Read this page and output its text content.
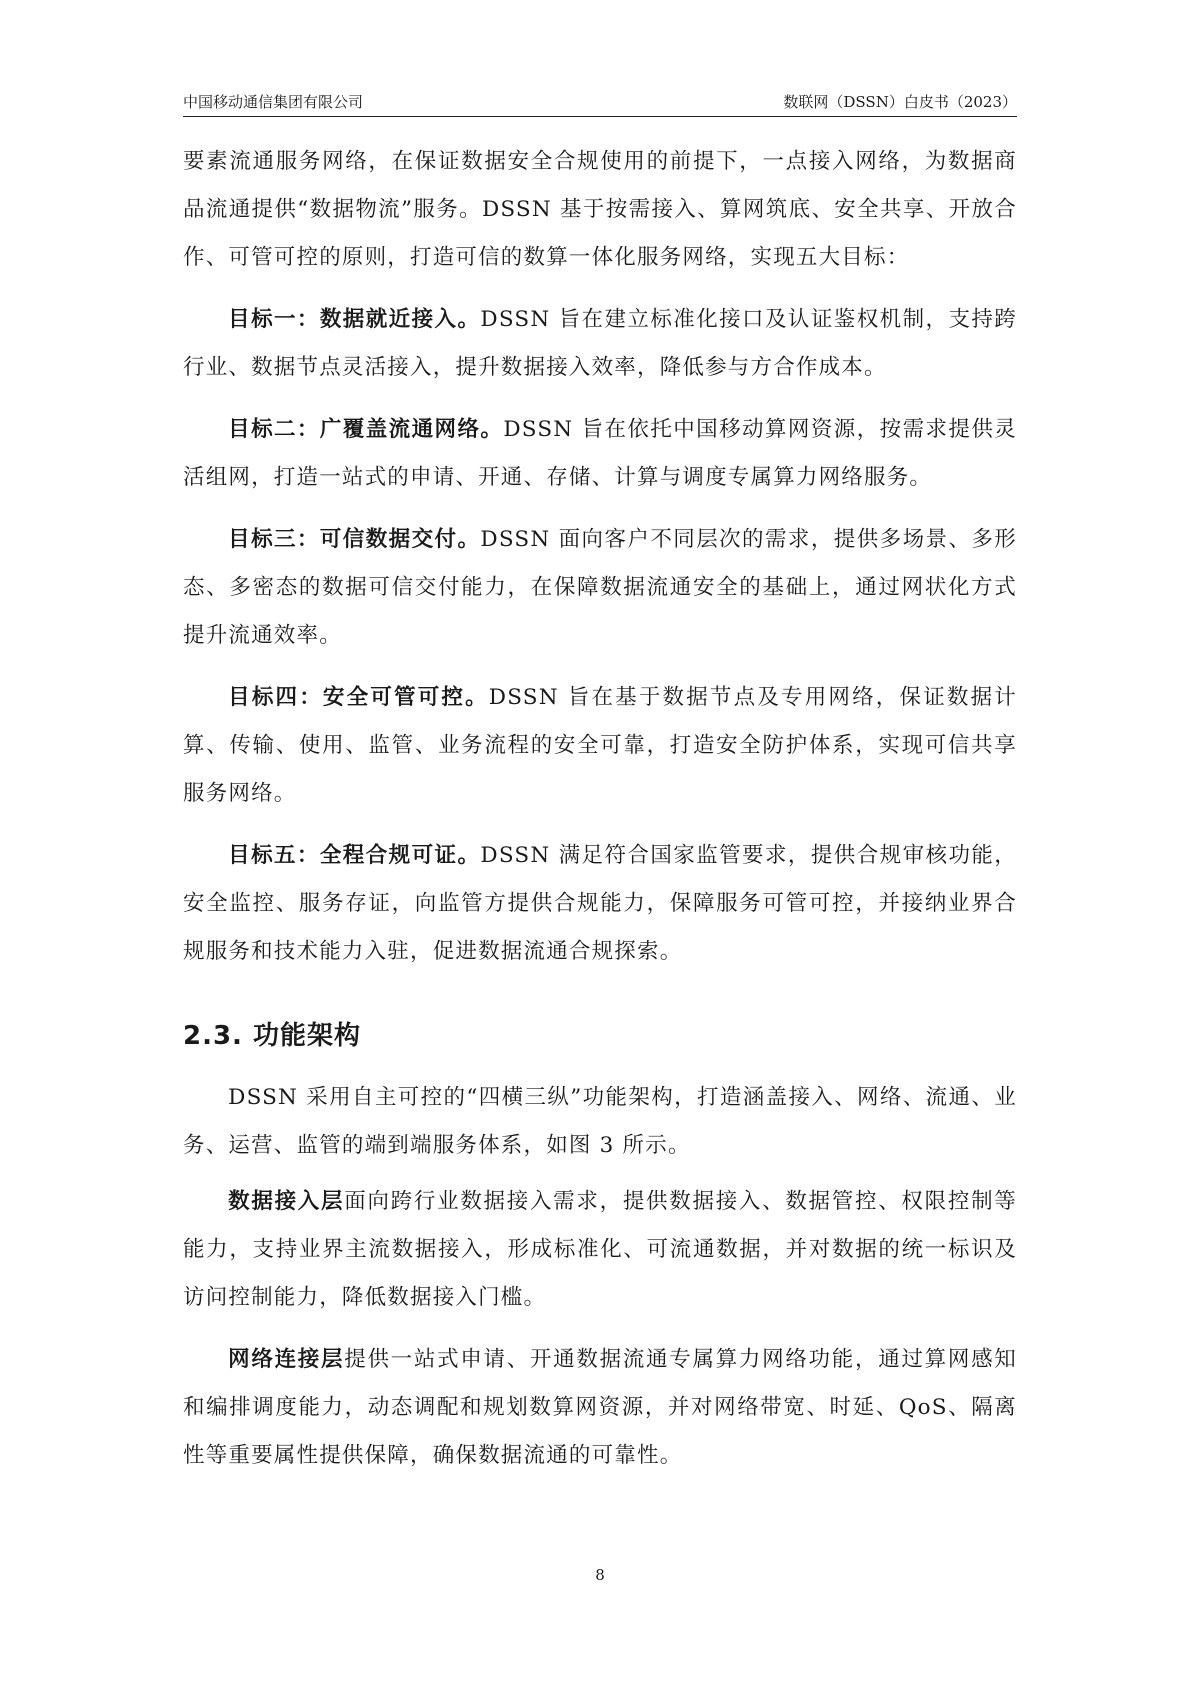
中国移动通信集团有限公司	数联网（DSSN）白皮书（2023）

要素流通服务网络，在保证数据安全合规使用的前提下，一点接入网络，为数据商品流通提供“数据物流”服务。DSSN 基于按需接入、算网筑底、安全共享、开放合作、可管可控的原则，打造可信的数算一体化服务网络，实现五大目标：

目标一：数据就近接入。DSSN 旨在建立标准化接口及认证鉴权机制，支持跨行业、数据节点灵活接入，提升数据接入效率，降低参与方合作成本。

目标二：广覆盖流通网络。DSSN 旨在依托中国移动算网资源，按需求提供灵活组网，打造一站式的申请、开通、存储、计算与调度专属算力网络服务。

目标三：可信数据交付。DSSN 面向客户不同层次的需求，提供多场景、多形态、多密态的数据可信交付能力，在保障数据流通安全的基础上，通过网状化方式提升流通效率。

目标四：安全可管可控。DSSN 旨在基于数据节点及专用网络，保证数据计算、传输、使用、监管、业务流程的安全可靠，打造安全防护体系，实现可信共享服务网络。

目标五：全程合规可证。DSSN 满足符合国家监管要求，提供合规审核功能，安全监控、服务存证，向监管方提供合规能力，保障服务可管可控，并接纳业界合规服务和技术能力入驻，促进数据流通合规探索。

2.3. 功能架构

DSSN 采用自主可控的“四横三纵”功能架构，打造涵盖接入、网络、流通、业务、运营、监管的端到端服务体系，如图 3 所示。

数据接入层面向跨行业数据接入需求，提供数据接入、数据管控、权限控制等能力，支持业界主流数据接入，形成标准化、可流通数据，并对数据的统一标识及访问控制能力，降低数据接入门槛。

网络连接层提供一站式申请、开通数据流通专属算力网络功能，通过算网感知和编排调度能力，动态调配和规划数算网资源，并对网络带宽、时延、QoS、隔离性等重要属性提供保障，确保数据流通的可靠性。

8
